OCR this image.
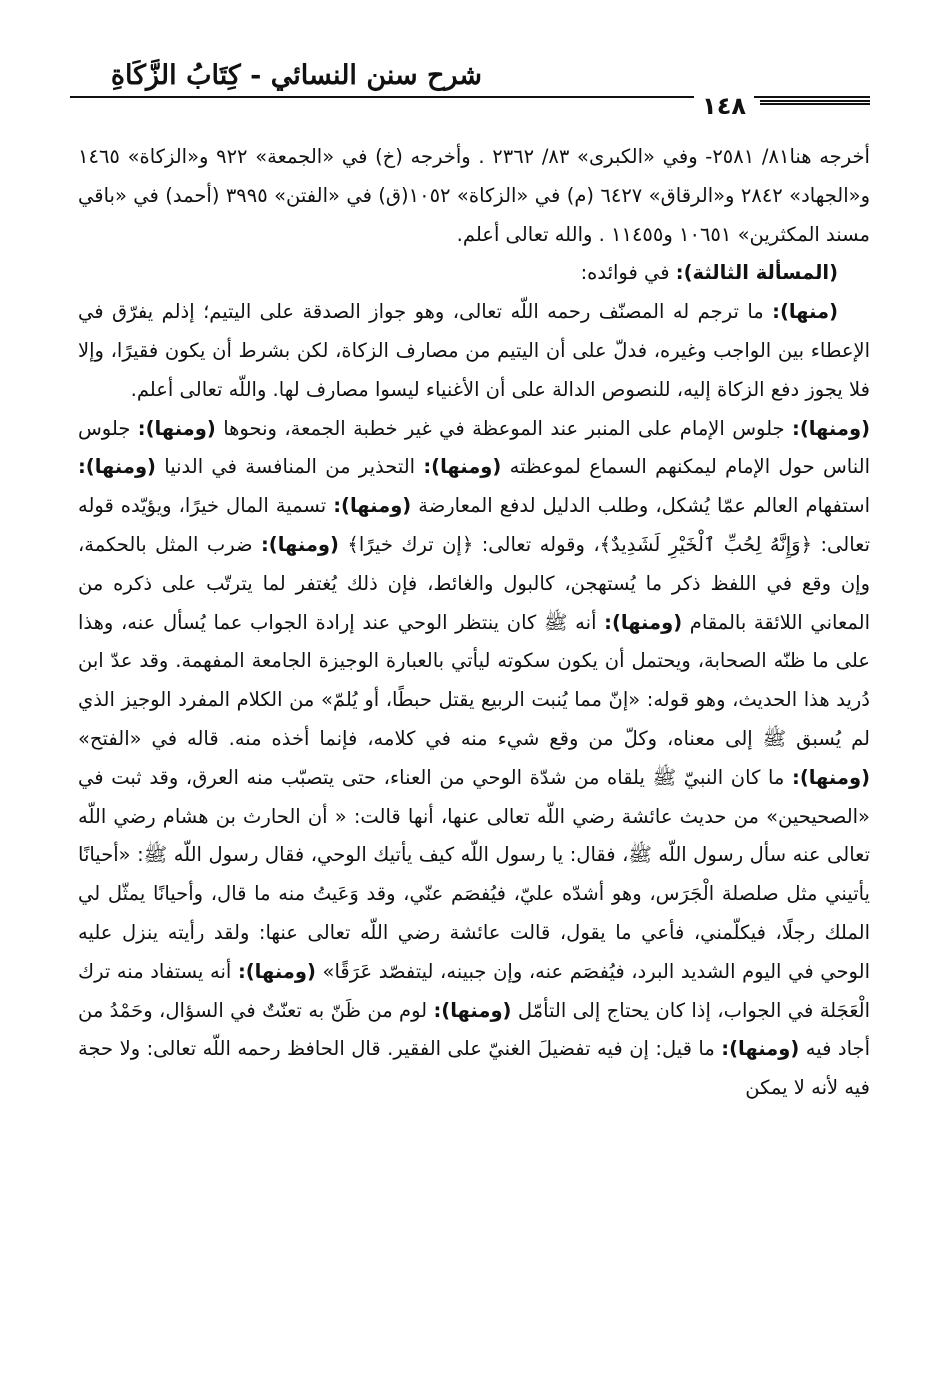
شرح سنن النسائي - كِتَابُ الزَّكَاةِ
١٤٨

أخرجه هنا٨١/ ٢٥٨١- وفي «الكبرى» ٨٣/ ٢٣٦٢ . وأخرجه (خ) في «الجمعة» ٩٢٢ و«الزكاة» ١٤٦٥ و«الجهاد» ٢٨٤٢ و«الرقاق» ٦٤٢٧ (م) في «الزكاة» ١٠٥٢(ق) في «الفتن» ٣٩٩٥ (أحمد) في «باقي مسند المكثرين» ١٠٦٥١ و١١٤٥٥ . والله تعالى أعلم.

(المسألة الثالثة): في فوائده:

(منها): ما ترجم له المصنّف رحمه اللّه تعالى، وهو جواز الصدقة على اليتيم؛ إذلم يفرّق في الإعطاء بين الواجب وغيره، فدلّ على أن اليتيم من مصارف الزكاة، لكن بشرط أن يكون فقيرًا، وإلا فلا يجوز دفع الزكاة إليه، للنصوص الدالة على أن الأغنياء ليسوا مصارف لها. واللّه تعالى أعلم.

(ومنها): جلوس الإمام على المنبر عند الموعظة في غير خطبة الجمعة، ونحوها (ومنها): جلوس الناس حول الإمام ليمكنهم السماع لموعظته (ومنها): التحذير من المنافسة في الدنيا (ومنها): استفهام العالم عمّا يُشكل، وطلب الدليل لدفع المعارضة (ومنها): تسمية المال خيرًا، ويؤيّده قوله تعالى: ﴿وَإِنَّهُ لِحُبِّ ٱلْخَيْرِ لَشَدِيدٌ﴾، وقوله تعالى: ﴿إن ترك خيرًا﴾ (ومنها): ضرب المثل بالحكمة، وإن وقع في اللفظ ذكر ما يُستهجن، كالبول والغائط، فإن ذلك يُغتفر لما يترتّب على ذكره من المعاني اللائقة بالمقام (ومنها): أنه ﷺ كان ينتظر الوحي عند إرادة الجواب عما يُسأل عنه، وهذا على ما ظنّه الصحابة، ويحتمل أن يكون سكوته ليأتي بالعبارة الوجيزة الجامعة المفهمة. وقد عدّ ابن دُريد هذا الحديث، وهو قوله: «إنّ مما يُنبت الربيع يقتل حبطًا، أو يُلمّ» من الكلام المفرد الوجيز الذي لم يُسبق ﷺ إلى معناه، وكلّ من وقع شيء منه في كلامه، فإنما أخذه منه. قاله في «الفتح» (ومنها): ما كان النبيّ ﷺ يلقاه من شدّة الوحي من العناء، حتى يتصبّب منه العرق، وقد ثبت في «الصحيحين» من حديث عائشة رضي اللّه تعالى عنها، أنها قالت: « أن الحارث بن هشام رضي اللّه تعالى عنه سأل رسول اللّه ﷺ، فقال: يا رسول اللّه كيف يأتيك الوحي، فقال رسول اللّه ﷺ: «أحيانًا يأتيني مثل صلصلة الْجَرَس، وهو أشدّه عليّ، فيُفصَم عنّي، وقد وَعَيتُ منه ما قال، وأحيانًا يمثّل لي الملك رجلًا، فيكلّمني، فأعي ما يقول، قالت عائشة رضي اللّه تعالى عنها: ولقد رأيته ينزل عليه الوحي في اليوم الشديد البرد، فيُفصَم عنه، وإن جبينه، ليتفصّد عَرَقًا» (ومنها): أنه يستفاد منه ترك الْعَجَلة في الجواب، إذا كان يحتاج إلى التأمّل (ومنها): لوم من ظَنّ به تعنّتٌ في السؤال، وحَمْدُ من أجاد فيه (ومنها): ما قيل: إن فيه تفضيلَ الغنيّ على الفقير. قال الحافظ رحمه اللّه تعالى: ولا حجة فيه لأنه لا يمكن
